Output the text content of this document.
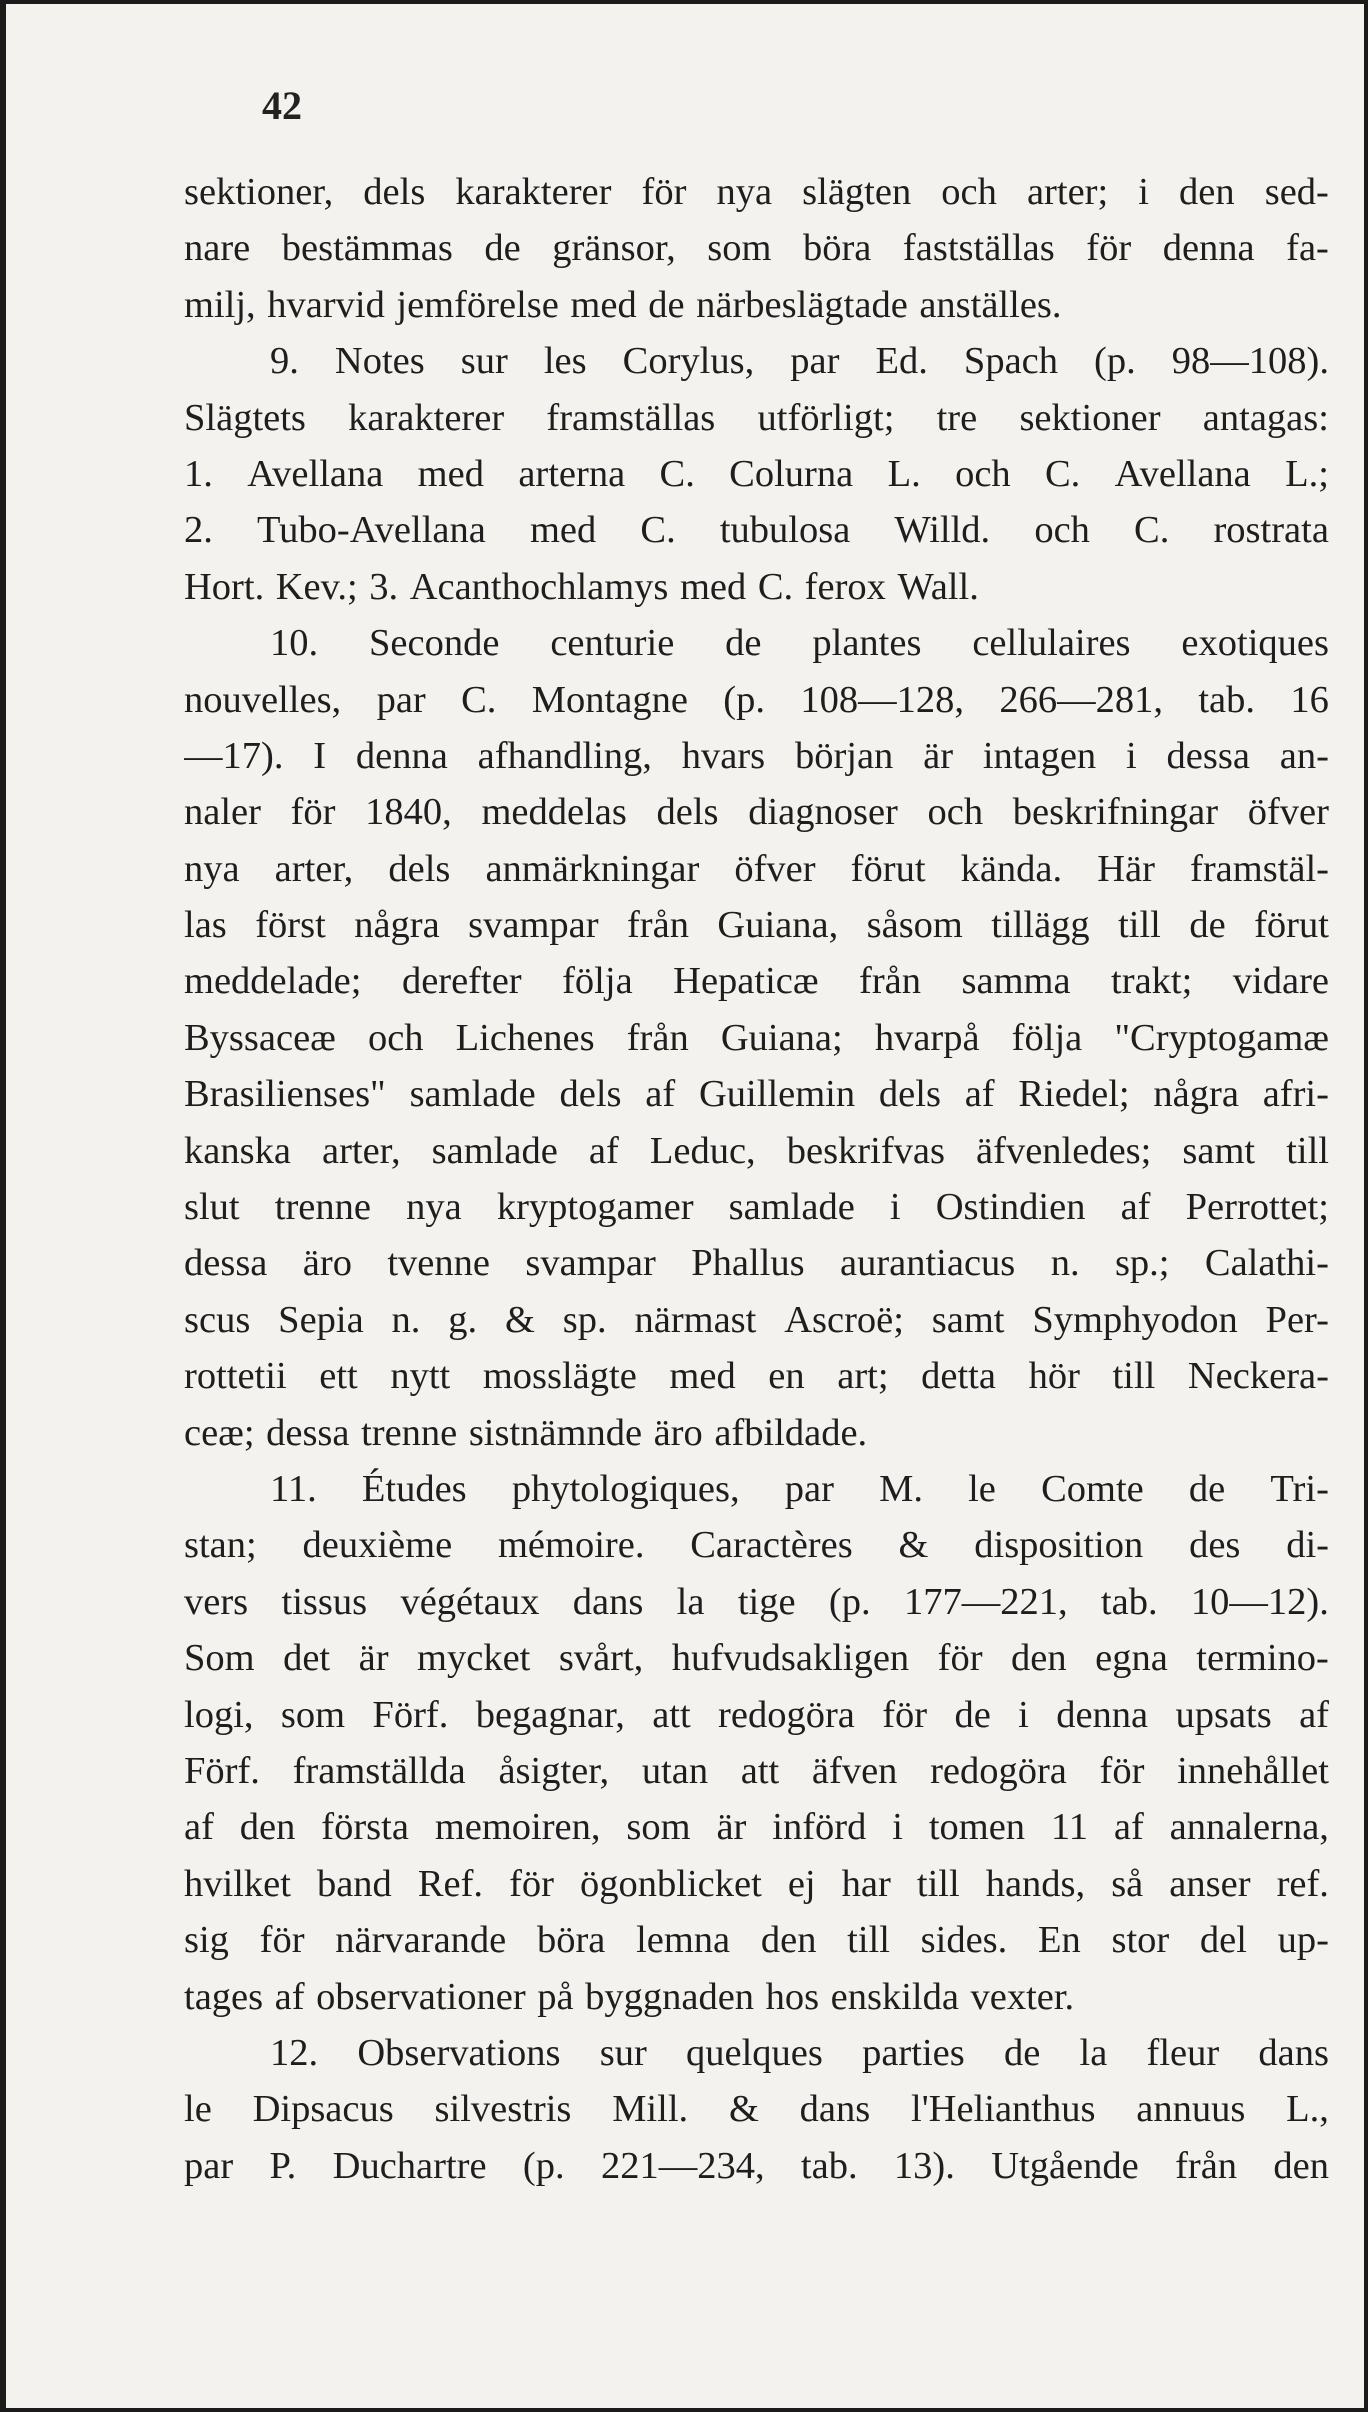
42
sektioner, dels karakterer för nya slägten och arter; i den sed-
nare bestämmas de gränsor, som böra fastställas för denna fa-
milj, hvarvid jemförelse med de närbeslägtade anställes.
9. Notes sur les Corylus, par Ed. Spach (p. 98—108).
Slägtets karakterer framställas utförligt; tre sektioner antagas:
1. Avellana med arterna C. Colurna L. och C. Avellana L.;
2. Tubo-Avellana med C. tubulosa Willd. och C. rostrata
Hort. Kev.; 3. Acanthochlamys med C. ferox Wall.
10. Seconde centurie de plantes cellulaires exotiques
nouvelles, par C. Montagne (p. 108—128, 266—281, tab. 16
—17). I denna afhandling, hvars början är intagen i dessa an-
naler för 1840, meddelas dels diagnoser och beskrifningar öfver
nya arter, dels anmärkningar öfver förut kända. Här framstäl-
las först några svampar från Guiana, såsom tillägg till de förut
meddelade; derefter följa Hepaticæ från samma trakt; vidare
Byssaceæ och Lichenes från Guiana; hvarpå följa "Cryptogamæ
Brasilienses" samlade dels af Guillemin dels af Riedel; några afri-
kanska arter, samlade af Leduc, beskrifvas äfvenledes; samt till
slut trenne nya kryptogamer samlade i Ostindien af Perrottet;
dessa äro tvenne svampar Phallus aurantiacus n. sp.; Calathi-
scus Sepia n. g. & sp. närmast Ascroë; samt Symphyodon Per-
rottetii ett nytt mosslägte med en art; detta hör till Neckera-
ceæ; dessa trenne sistnämnde äro afbildade.
11. Études phytologiques, par M. le Comte de Tri-
stan; deuxième mémoire. Caractères & disposition des di-
vers tissus végétaux dans la tige (p. 177—221, tab. 10—12).
Som det är mycket svårt, hufvudsakligen för den egna termino-
logi, som Förf. begagnar, att redogöra för de i denna upsats af
Förf. framställda åsigter, utan att äfven redogöra för innehållet
af den första memoiren, som är införd i tomen 11 af annalerna,
hvilket band Ref. för ögonblicket ej har till hands, så anser ref.
sig för närvarande böra lemna den till sides. En stor del up-
tages af observationer på byggnaden hos enskilda vexter.
12. Observations sur quelques parties de la fleur dans
le Dipsacus silvestris Mill. & dans l'Helianthus annuus L.,
par P. Duchartre (p. 221—234, tab. 13). Utgående från den
